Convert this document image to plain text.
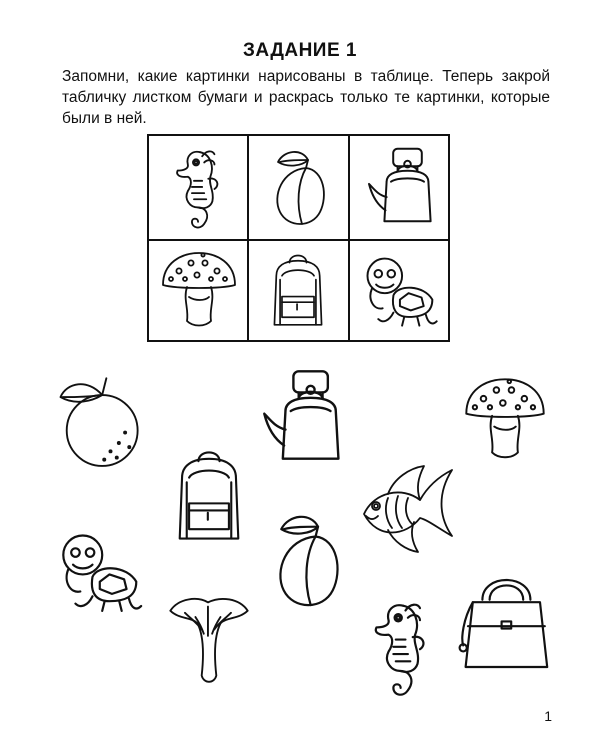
ЗАДАНИЕ 1
Запомни, какие картинки нарисованы в таблице. Теперь закрой табличку листком бумаги и раскрась только те картинки, которые были в ней.
1
